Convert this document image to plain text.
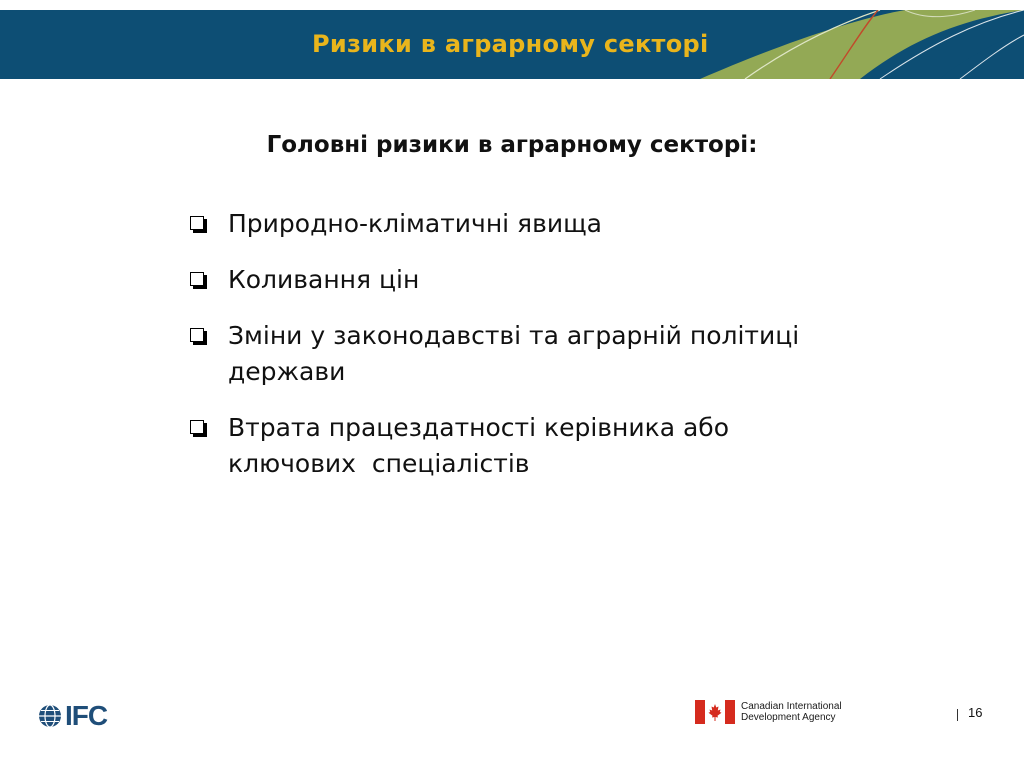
Ризики в аграрному секторі
Головні ризики в аграрному секторі:
Природно-кліматичні явища
Коливання цін
Зміни у законодавстві та аграрній політиці
держави
Втрата працездатності керівника або
ключових  спеціалістів
IFC	Canadian International
Development Agency	16
